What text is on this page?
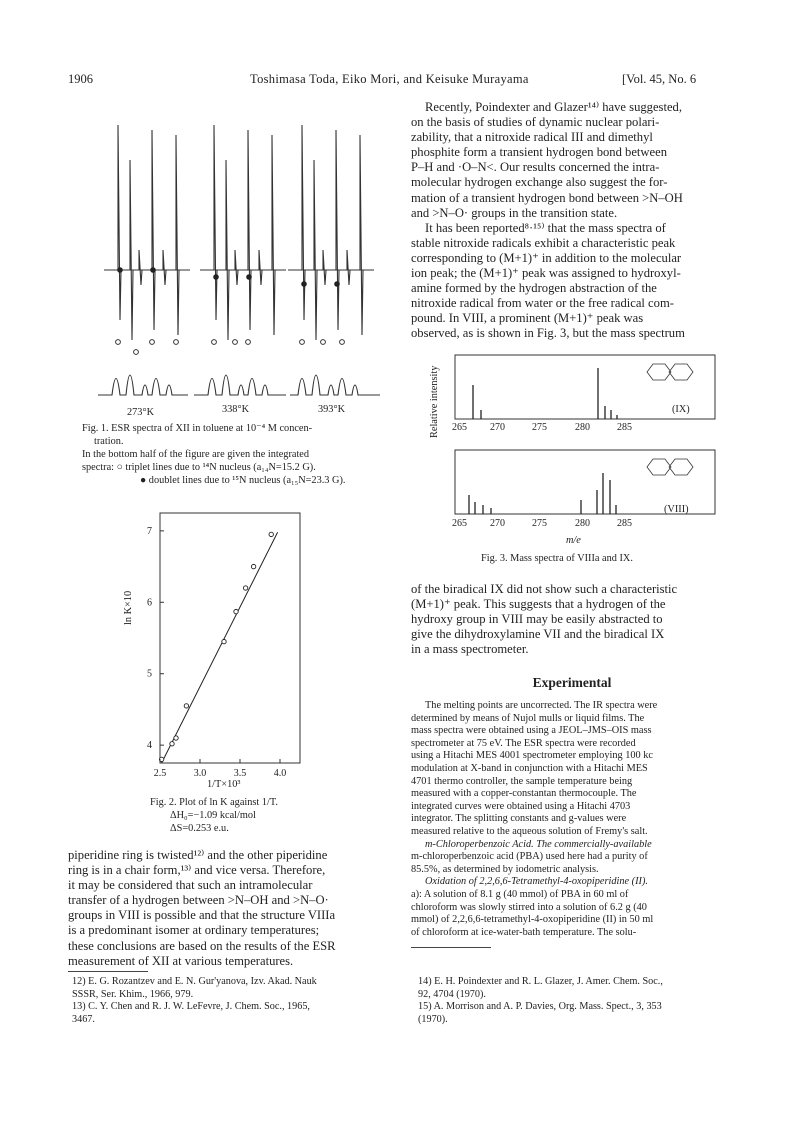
1906	Toshimasa Toda, Eiko Mori, and Keisuke Murayama	[Vol. 45, No. 6
273°K	338°K	393°K
Fig. 1. ESR spectra of XII in toluene at 10⁻⁴ M concen-
tration.
In the bottom half of the figure are given the integrated
spectra: ○ triplet lines due to ¹⁴N nucleus (a₁₄N=15.2 G).
● doublet lines due to ¹⁵N nucleus (a₁₅N=23.3 G).
2.5	3.0	3.5	4.0
4
5
6
7
1/T×10³
ln K×10
Fig. 2. Plot of ln K against 1/T.
ΔH₀=−1.09 kcal/mol
ΔS=0.253 e.u.

piperidine ring is twisted¹²⁾ and the other piperidine

ring is in a chair form,¹³⁾ and vice versa. Therefore,

it may be considered that such an intramolecular

transfer of a hydrogen between >N–OH and >N–O·

groups in VIII is possible and that the structure VIIIa

is a predominant isomer at ordinary temperatures;

these conclusions are based on the results of the ESR

measurement of XII at various temperatures.

12) E. G. Rozantzev and E. N. Gur'yanova, Izv. Akad. Nauk

SSSR, Ser. Khim., 1966, 979.

13) C. Y. Chen and R. J. W. LeFevre, J. Chem. Soc., 1965,

3467.

Recently, Poindexter and Glazer¹⁴⁾ have suggested,

on the basis of studies of dynamic nuclear polari-

zability, that a nitroxide radical III and dimethyl

phosphite form a transient hydrogen bond between

P–H and ·O–N<. Our results concerned the intra-

molecular hydrogen exchange also suggest the for-

mation of a transient hydrogen bond between >N–OH

and >N–O· groups in the transition state.

It has been reported⁸·¹⁵⁾ that the mass spectra of

stable nitroxide radicals exhibit a characteristic peak

corresponding to (M+1)⁺ in addition to the molecular

ion peak; the (M+1)⁺ peak was assigned to hydroxyl-

amine formed by the hydrogen abstraction of the

nitroxide radical from water or the free radical com-

pound. In VIII, a prominent (M+1)⁺ peak was

observed, as is shown in Fig. 3, but the mass spectrum

Relative intensity 265 270	275	280	285
265 270	275	280	285
(IX)
(VIII)
m/e
Fig. 3. Mass spectra of VIIIa and IX.

of the biradical IX did not show such a characteristic

(M+1)⁺ peak. This suggests that a hydrogen of the

hydroxy group in VIII may be easily abstracted to

give the dihydroxylamine VII and the biradical IX

in a mass spectrometer.

Experimental

The melting points are uncorrected. The IR spectra were

determined by means of Nujol mulls or liquid films. The

mass spectra were obtained using a JEOL–JMS–OIS mass

spectrometer at 75 eV. The ESR spectra were recorded

using a Hitachi MES 4001 spectrometer employing 100 kc

modulation at X-band in conjunction with a Hitachi MES

4701 thermo controller, the sample temperature being

measured with a copper-constantan thermocouple. The

integrated curves were obtained using a Hitachi 4703

integrator. The splitting constants and g-values were

measured relative to the aqueous solution of Fremy's salt.

m-Chloroperbenzoic Acid. The commercially-available

m-chloroperbenzoic acid (PBA) used here had a purity of

85.5%, as determined by iodometric analysis.

Oxidation of 2,2,6,6-Tetramethyl-4-oxopiperidine (II).

a): A solution of 8.1 g (40 mmol) of PBA in 60 ml of

chloroform was slowly stirred into a solution of 6.2 g (40

mmol) of 2,2,6,6-tetramethyl-4-oxopiperidine (II) in 50 ml

of chloroform at ice-water-bath temperature. The solu-

14) E. H. Poindexter and R. L. Glazer, J. Amer. Chem. Soc.,

92, 4704 (1970).

15) A. Morrison and A. P. Davies, Org. Mass. Spect., 3, 353

(1970).
